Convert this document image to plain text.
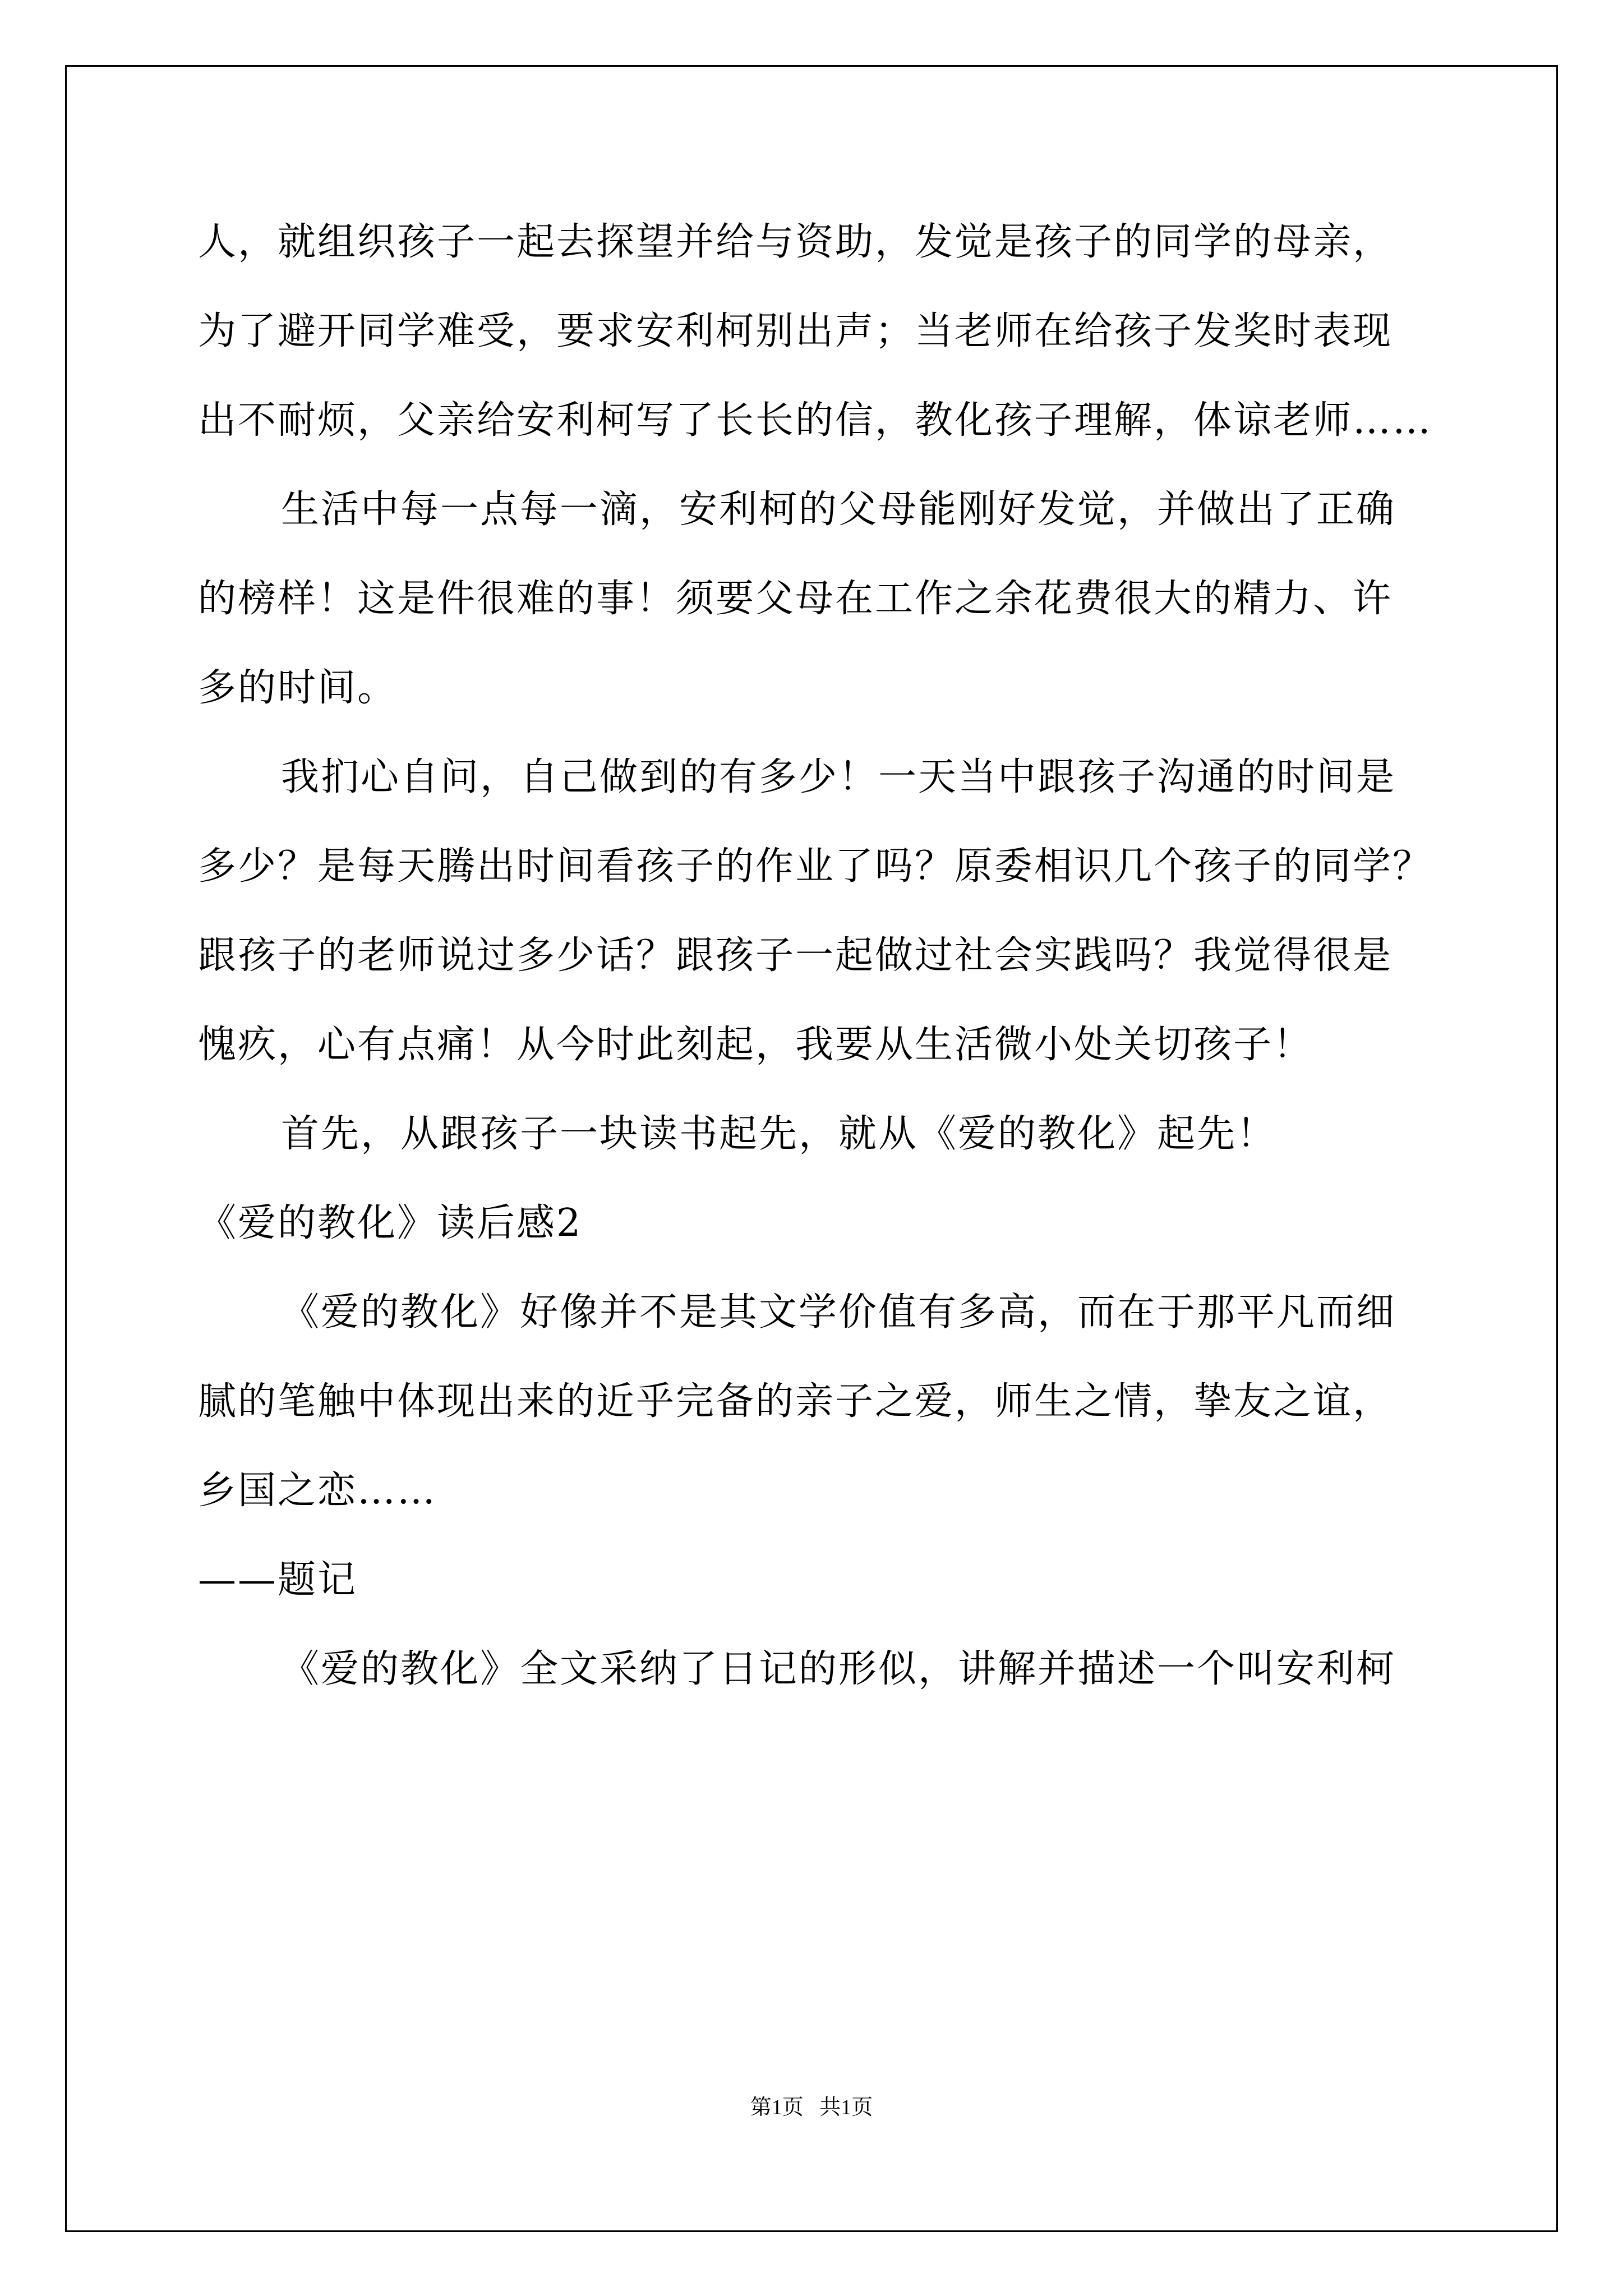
人，就组织孩子一起去探望并给与资助，发觉是孩子的同学的母亲，
为了避开同学难受，要求安利柯别出声；当老师在给孩子发奖时表现
出不耐烦，父亲给安利柯写了长长的信，教化孩子理解，体谅老师……
生活中每一点每一滴，安利柯的父母能刚好发觉，并做出了正确
的榜样！这是件很难的事！须要父母在工作之余花费很大的精力、许
多的时间。
我扪心自问，自己做到的有多少！一天当中跟孩子沟通的时间是
多少？是每天腾出时间看孩子的作业了吗？原委相识几个孩子的同学？
跟孩子的老师说过多少话？跟孩子一起做过社会实践吗？我觉得很是
愧疚，心有点痛！从今时此刻起，我要从生活微小处关切孩子！
首先，从跟孩子一块读书起先，就从《爱的教化》起先！
《爱的教化》读后感2
《爱的教化》好像并不是其文学价值有多高，而在于那平凡而细
腻的笔触中体现出来的近乎完备的亲子之爱，师生之情，挚友之谊，
乡国之恋……
——题记
《爱的教化》全文采纳了日记的形似，讲解并描述一个叫安利柯
第1页   共1页
